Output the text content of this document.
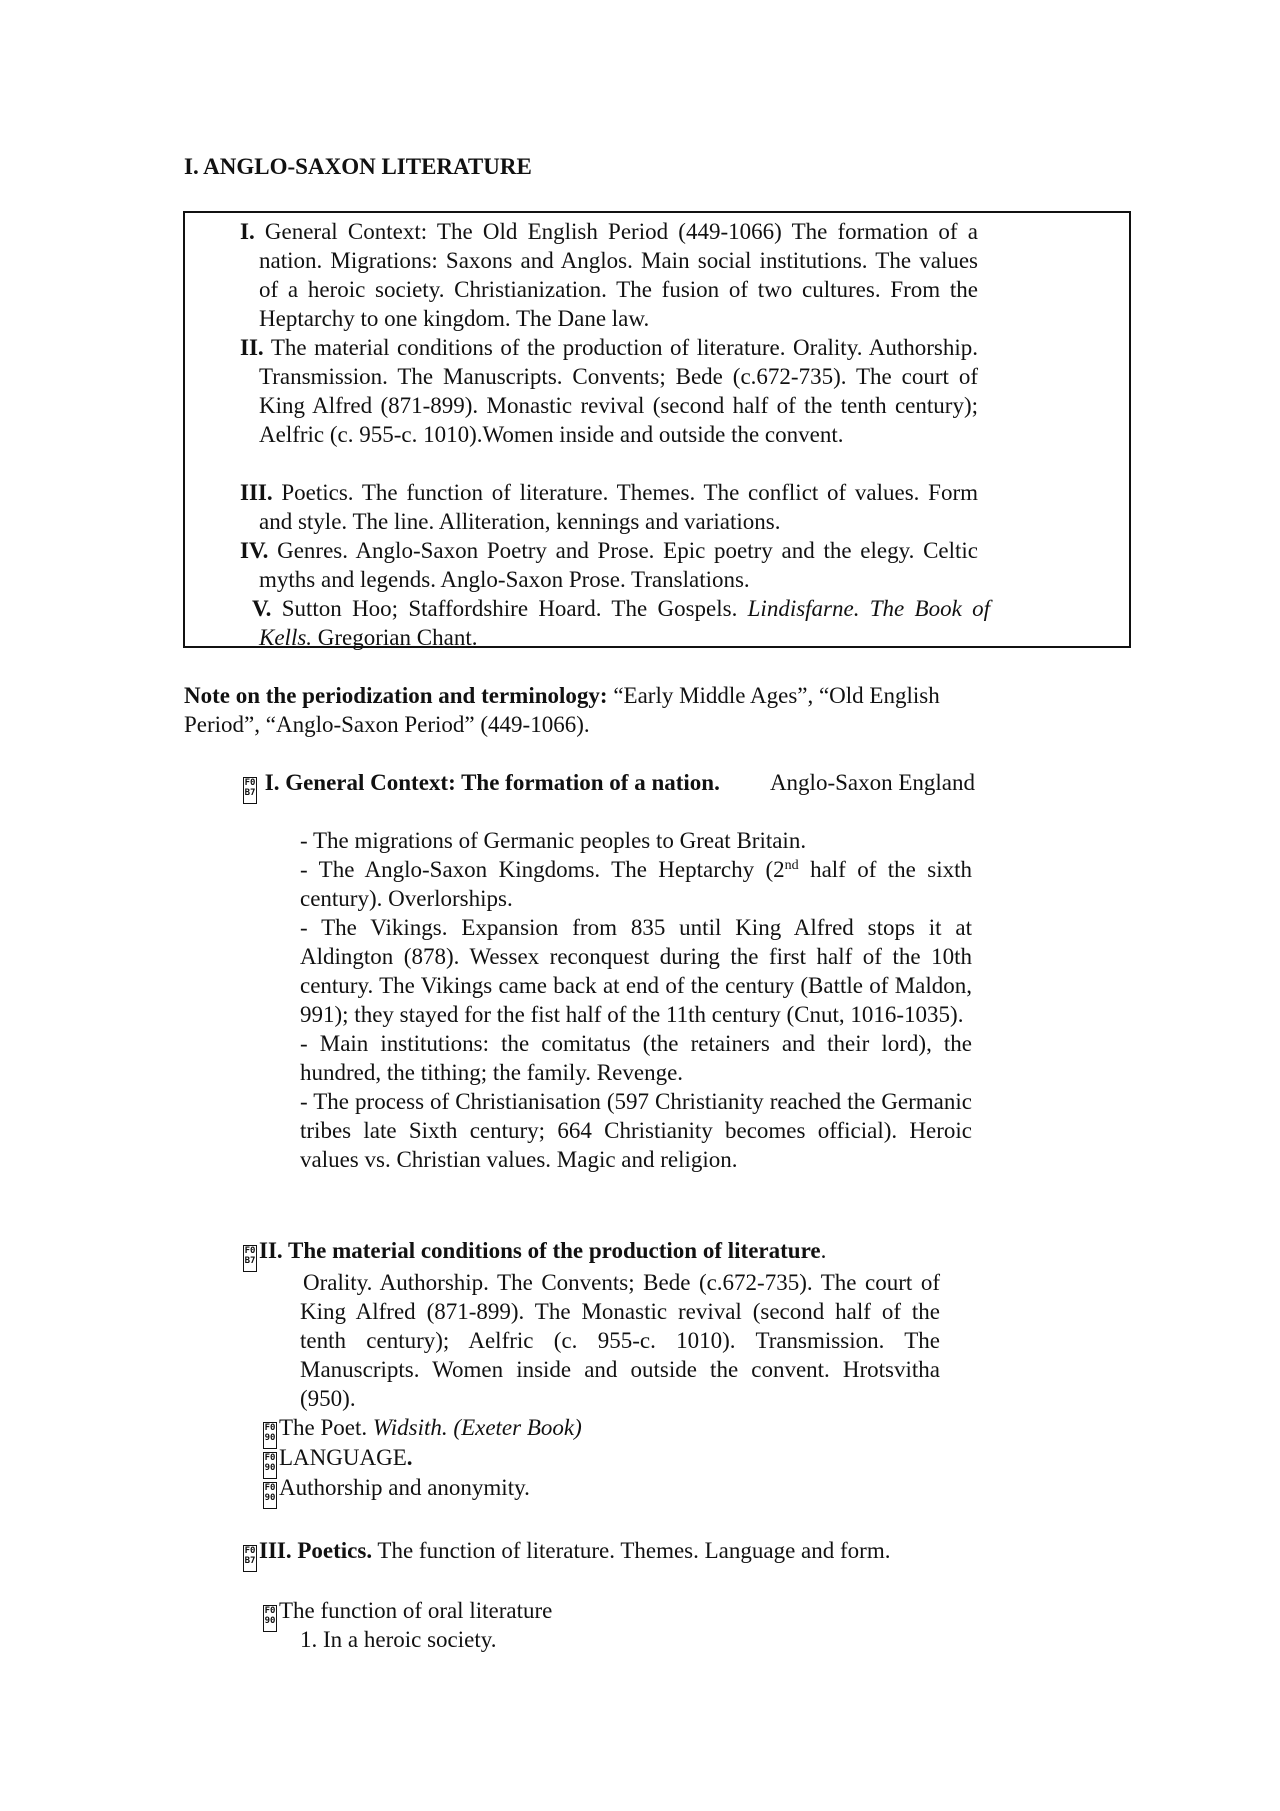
I. ANGLO-SAXON LITERATURE
I. General Context: The Old English Period (449-1066) The formation of a nation. Migrations: Saxons and Anglos. Main social institutions. The values of a heroic society. Christianization. The fusion of two cultures. From the Heptarchy to one kingdom. The Dane law.
II. The material conditions of the production of literature. Orality. Authorship. Transmission. The Manuscripts. Convents; Bede (c.672-735). The court of King Alfred (871-899). Monastic revival (second half of the tenth century); Aelfric (c. 955-c. 1010).Women inside and outside the convent.
III. Poetics. The function of literature. Themes. The conflict of values. Form and style. The line. Alliteration, kennings and variations.
IV. Genres. Anglo-Saxon Poetry and Prose. Epic poetry and the elegy. Celtic myths and legends. Anglo-Saxon Prose. Translations.
V. Sutton Hoo; Staffordshire Hoard. The Gospels. Lindisfarne. The Book of Kells. Gregorian Chant.
Note on the periodization and terminology: “Early Middle Ages”, “Old English Period”, “Anglo-Saxon Period” (449-1066).
F0
B7 I. General Context: The formation of a nation.	Anglo-Saxon England
- The migrations of Germanic peoples to Great Britain.
- The Anglo-Saxon Kingdoms. The Heptarchy (2nd half of the sixth century). Overlorships.
- The Vikings. Expansion from 835 until King Alfred stops it at Aldington (878). Wessex reconquest during the first half of the 10th century. The Vikings came back at end of the century (Battle of Maldon, 991); they stayed for the fist half of the 11th century (Cnut, 1016-1035).
- Main institutions: the comitatus (the retainers and their lord), the hundred, the tithing; the family. Revenge.
- The process of Christianisation (597 Christianity reached the Germanic tribes late Sixth century; 664 Christianity becomes official). Heroic values vs. Christian values. Magic and religion.
F0
B7 II. The material conditions of the production of literature.
Orality. Authorship. The Convents; Bede (c.672-735). The court of King Alfred (871-899). The Monastic revival (second half of the tenth century); Aelfric (c. 955-c. 1010). Transmission. The Manuscripts. Women inside and outside the convent. Hrotsvitha (950).
F0
90 The Poet. Widsith. (Exeter Book)
F0
90 LANGUAGE.
F0
90 Authorship and anonymity.
F0
B7 III. Poetics. The function of literature. Themes. Language and form.
F0
90 The function of oral literature
1. In a heroic society.
